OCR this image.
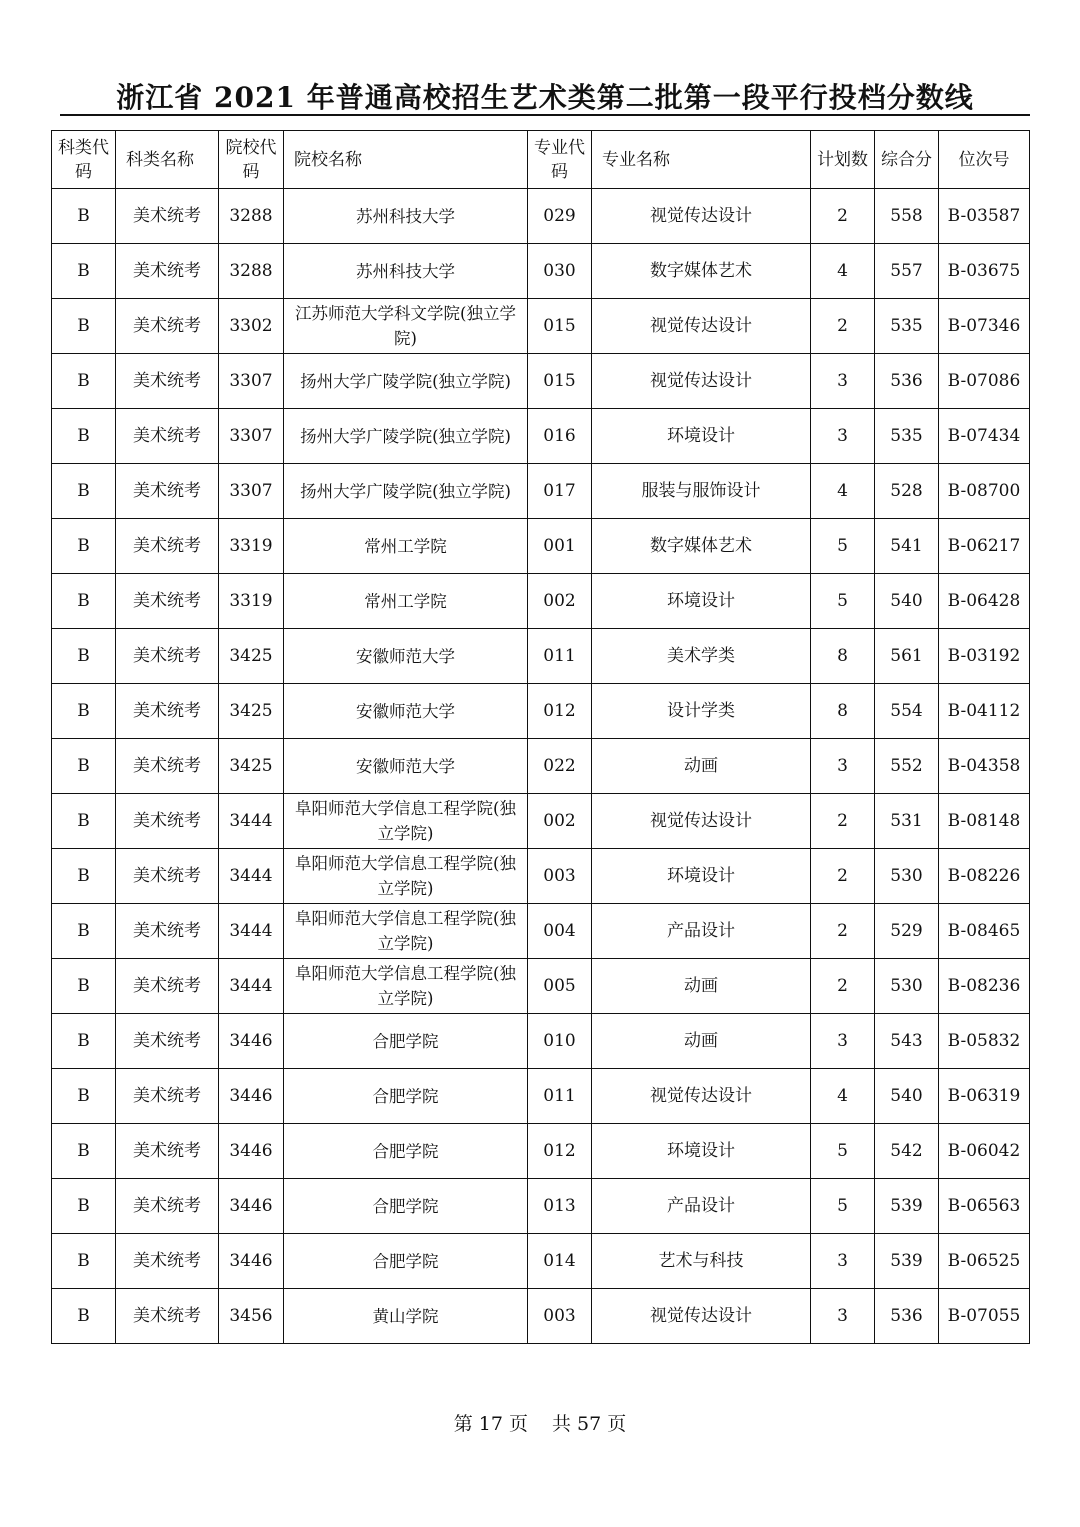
浙江省 2021 年普通高校招生艺术类第二批第一段平行投档分数线
科类代码	科类名称	院校代码	院校名称	专业代码	专业名称	计划数	综合分	位次号
B	美术统考	3288	苏州科技大学	029	视觉传达设计	2	558	B-03587
B	美术统考	3288	苏州科技大学	030	数字媒体艺术	4	557	B-03675
B	美术统考	3302	江苏师范大学科文学院(独立学院)	015	视觉传达设计	2	535	B-07346
B	美术统考	3307	扬州大学广陵学院(独立学院)	015	视觉传达设计	3	536	B-07086
B	美术统考	3307	扬州大学广陵学院(独立学院)	016	环境设计	3	535	B-07434
B	美术统考	3307	扬州大学广陵学院(独立学院)	017	服装与服饰设计	4	528	B-08700
B	美术统考	3319	常州工学院	001	数字媒体艺术	5	541	B-06217
B	美术统考	3319	常州工学院	002	环境设计	5	540	B-06428
B	美术统考	3425	安徽师范大学	011	美术学类	8	561	B-03192
B	美术统考	3425	安徽师范大学	012	设计学类	8	554	B-04112
B	美术统考	3425	安徽师范大学	022	动画	3	552	B-04358
B	美术统考	3444	阜阳师范大学信息工程学院(独立学院)	002	视觉传达设计	2	531	B-08148
B	美术统考	3444	阜阳师范大学信息工程学院(独立学院)	003	环境设计	2	530	B-08226
B	美术统考	3444	阜阳师范大学信息工程学院(独立学院)	004	产品设计	2	529	B-08465
B	美术统考	3444	阜阳师范大学信息工程学院(独立学院)	005	动画	2	530	B-08236
B	美术统考	3446	合肥学院	010	动画	3	543	B-05832
B	美术统考	3446	合肥学院	011	视觉传达设计	4	540	B-06319
B	美术统考	3446	合肥学院	012	环境设计	5	542	B-06042
B	美术统考	3446	合肥学院	013	产品设计	5	539	B-06563
B	美术统考	3446	合肥学院	014	艺术与科技	3	539	B-06525
B	美术统考	3456	黄山学院	003	视觉传达设计	3	536	B-07055
第 17 页 共 57 页
